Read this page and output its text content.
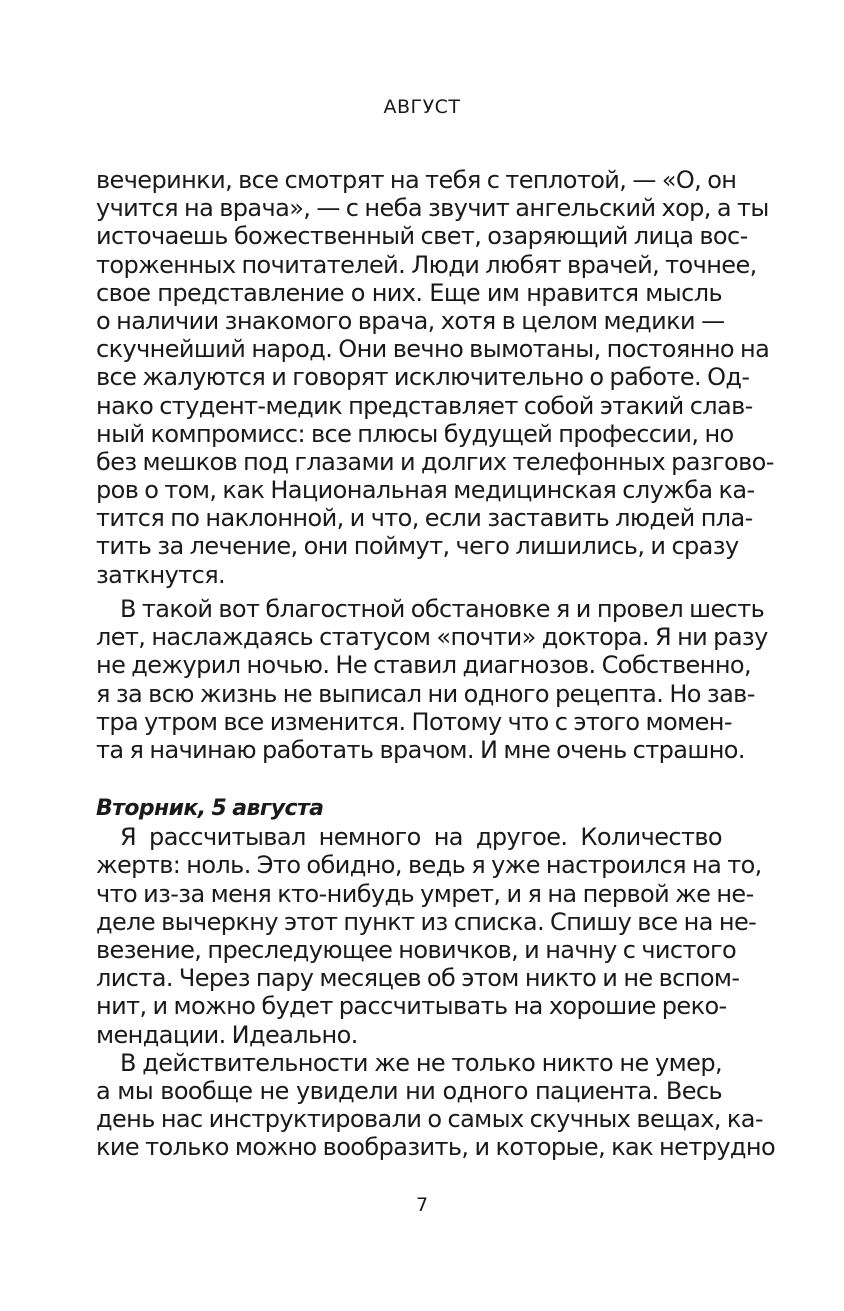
АВГУСТ
вечеринки, все смотрят на тебя с теплотой, — «О, он
учится на врача», — с неба звучит ангельский хор, а ты
источаешь божественный свет, озаряющий лица вос-
торженных почитателей. Люди любят врачей, точнее,
свое представление о них. Еще им нравится мысль
о наличии знакомого врача, хотя в целом медики —
скучнейший народ. Они вечно вымотаны, постоянно на
все жалуются и говорят исключительно о работе. Од-
нако студент-медик представляет собой этакий слав-
ный компромисс: все плюсы будущей профессии, но
без мешков под глазами и долгих телефонных разгово-
ров о том, как Национальная медицинская служба ка-
тится по наклонной, и что, если заставить людей пла-
тить за лечение, они поймут, чего лишились, и сразу
заткнутся.
В такой вот благостной обстановке я и провел шесть
лет, наслаждаясь статусом «почти» доктора. Я ни разу
не дежурил ночью. Не ставил диагнозов. Собственно,
я за всю жизнь не выписал ни одного рецепта. Но зав-
тра утром все изменится. Потому что с этого момен-
та я начинаю работать врачом. И мне очень страшно.
Вторник, 5 августа
Я рассчитывал немного на другое. Количество
жертв: ноль. Это обидно, ведь я уже настроился на то,
что из-за меня кто-нибудь умрет, и я на первой же не-
деле вычеркну этот пункт из списка. Спишу все на не-
везение, преследующее новичков, и начну с чистого
листа. Через пару месяцев об этом никто и не вспом-
нит, и можно будет рассчитывать на хорошие реко-
мендации. Идеально.
В действительности же не только никто не умер,
а мы вообще не увидели ни одного пациента. Весь
день нас инструктировали о самых скучных вещах, ка-
кие только можно вообразить, и которые, как нетрудно
7
